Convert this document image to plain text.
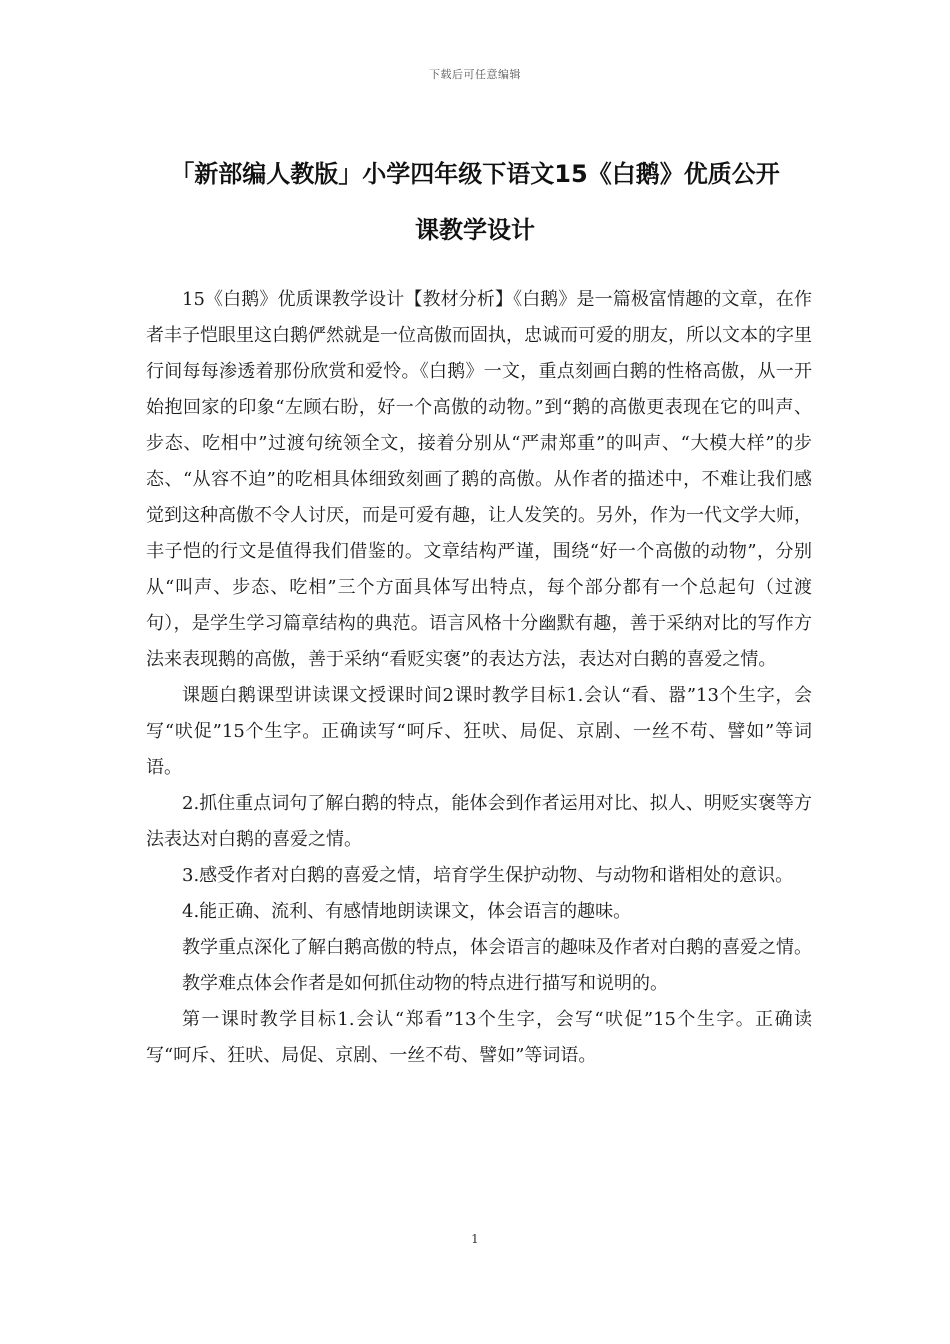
下载后可任意编辑
「新部编人教版」小学四年级下语文15《白鹅》优质公开
课教学设计

15《白鹅》优质课教学设计【教材分析】《白鹅》是一篇极富情趣的文章，在作者丰子恺眼里这白鹅俨然就是一位高傲而固执，忠诚而可爱的朋友，所以文本的字里行间每每渗透着那份欣赏和爱怜。《白鹅》一文，重点刻画白鹅的性格高傲，从一开始抱回家的印象“左顾右盼，好一个高傲的动物。”到“鹅的高傲更表现在它的叫声、步态、吃相中”过渡句统领全文，接着分别从“严肃郑重”的叫声、“大模大样”的步态、“从容不迫”的吃相具体细致刻画了鹅的高傲。从作者的描述中，不难让我们感觉到这种高傲不令人讨厌，而是可爱有趣，让人发笑的。另外，作为一代文学大师，丰子恺的行文是值得我们借鉴的。文章结构严谨，围绕“好一个高傲的动物”，分别从“叫声、步态、吃相”三个方面具体写出特点，每个部分都有一个总起句（过渡句），是学生学习篇章结构的典范。语言风格十分幽默有趣，善于采纳对比的写作方法来表现鹅的高傲，善于采纳“看贬实褒”的表达方法，表达对白鹅的喜爱之情。

课题白鹅课型讲读课文授课时间2课时教学目标1.会认“看、嚣”13个生字，会写“吠促”15个生字。正确读写“呵斥、狂吠、局促、京剧、一丝不苟、譬如”等词语。

2.抓住重点词句了解白鹅的特点，能体会到作者运用对比、拟人、明贬实褒等方法表达对白鹅的喜爱之情。

3.感受作者对白鹅的喜爱之情，培育学生保护动物、与动物和谐相处的意识。

4.能正确、流利、有感情地朗读课文，体会语言的趣味。

教学重点深化了解白鹅高傲的特点，体会语言的趣味及作者对白鹅的喜爱之情。

教学难点体会作者是如何抓住动物的特点进行描写和说明的。

第一课时教学目标1.会认“郑看”13个生字，会写“吠促”15个生字。正确读写“呵斥、狂吠、局促、京剧、一丝不苟、譬如”等词语。

1
